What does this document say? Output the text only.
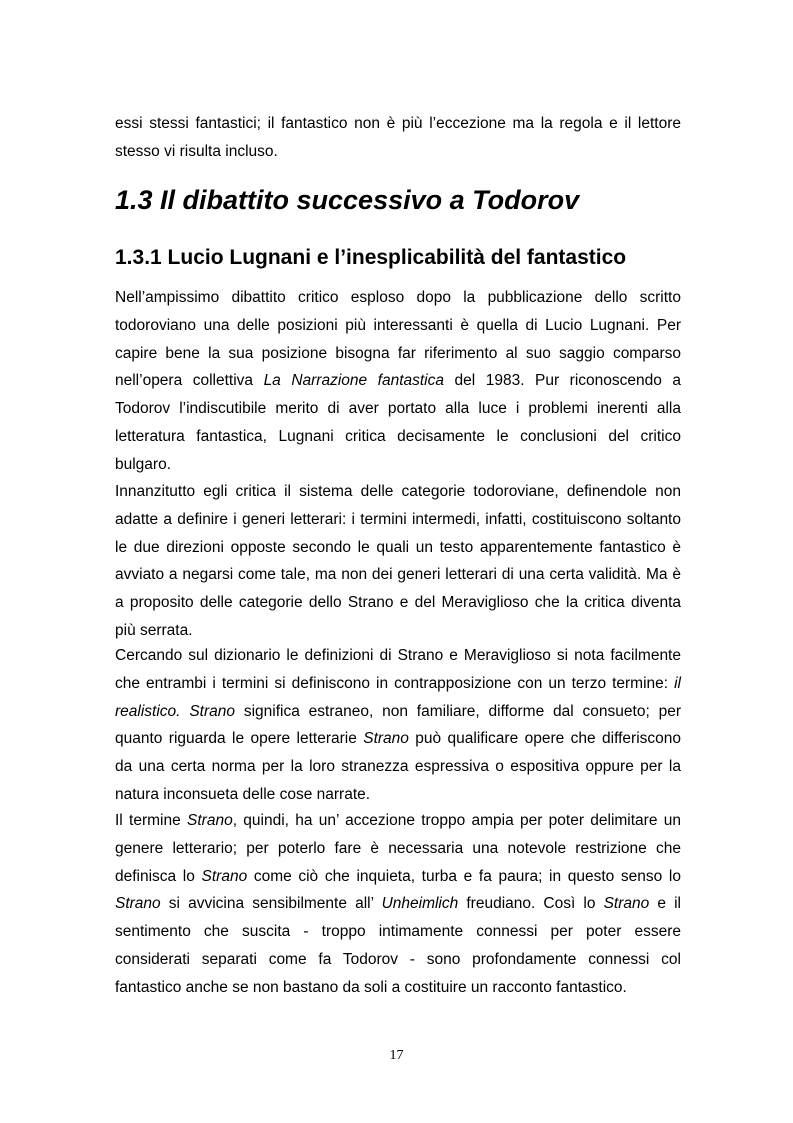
essi stessi fantastici; il fantastico non è più l’eccezione ma la regola e il lettore stesso vi risulta incluso.

1.3 Il dibattito successivo a Todorov
1.3.1 Lucio Lugnani e l’inesplicabilità del fantastico

Nell’ampissimo dibattito critico esploso dopo la pubblicazione dello scritto todoroviano una delle posizioni più interessanti è quella di Lucio Lugnani. Per capire bene la sua posizione bisogna far riferimento al suo saggio comparso nell’opera collettiva La Narrazione fantastica del 1983. Pur riconoscendo a Todorov l’indiscutibile merito di aver portato alla luce i problemi inerenti alla letteratura fantastica, Lugnani critica decisamente le conclusioni del critico bulgaro.

Innanzitutto egli critica il sistema delle categorie todoroviane, definendole non adatte a definire i generi letterari: i termini intermedi, infatti, costituiscono soltanto le due direzioni opposte secondo le quali un testo apparentemente fantastico è avviato a negarsi come tale, ma non dei generi letterari di una certa validità. Ma è a proposito delle categorie dello Strano e del Meraviglioso che la critica diventa più serrata.

Cercando sul dizionario le definizioni di Strano e Meraviglioso si nota facilmente che entrambi i termini si definiscono in contrapposizione con un terzo termine: il realistico. Strano significa estraneo, non familiare, difforme dal consueto; per quanto riguarda le opere letterarie Strano può qualificare opere che differiscono da una certa norma per la loro stranezza espressiva o espositiva oppure per la natura inconsueta delle cose narrate.

Il termine Strano, quindi, ha un’ accezione troppo ampia per poter delimitare un genere letterario; per poterlo fare è necessaria una notevole restrizione che definisca lo Strano come ciò che inquieta, turba e fa paura; in questo senso lo Strano si avvicina sensibilmente all’ Unheimlich freudiano. Così lo Strano e il sentimento che suscita - troppo intimamente connessi per poter essere considerati separati come fa Todorov - sono profondamente connessi col fantastico anche se non bastano da soli a costituire un racconto fantastico.

17
